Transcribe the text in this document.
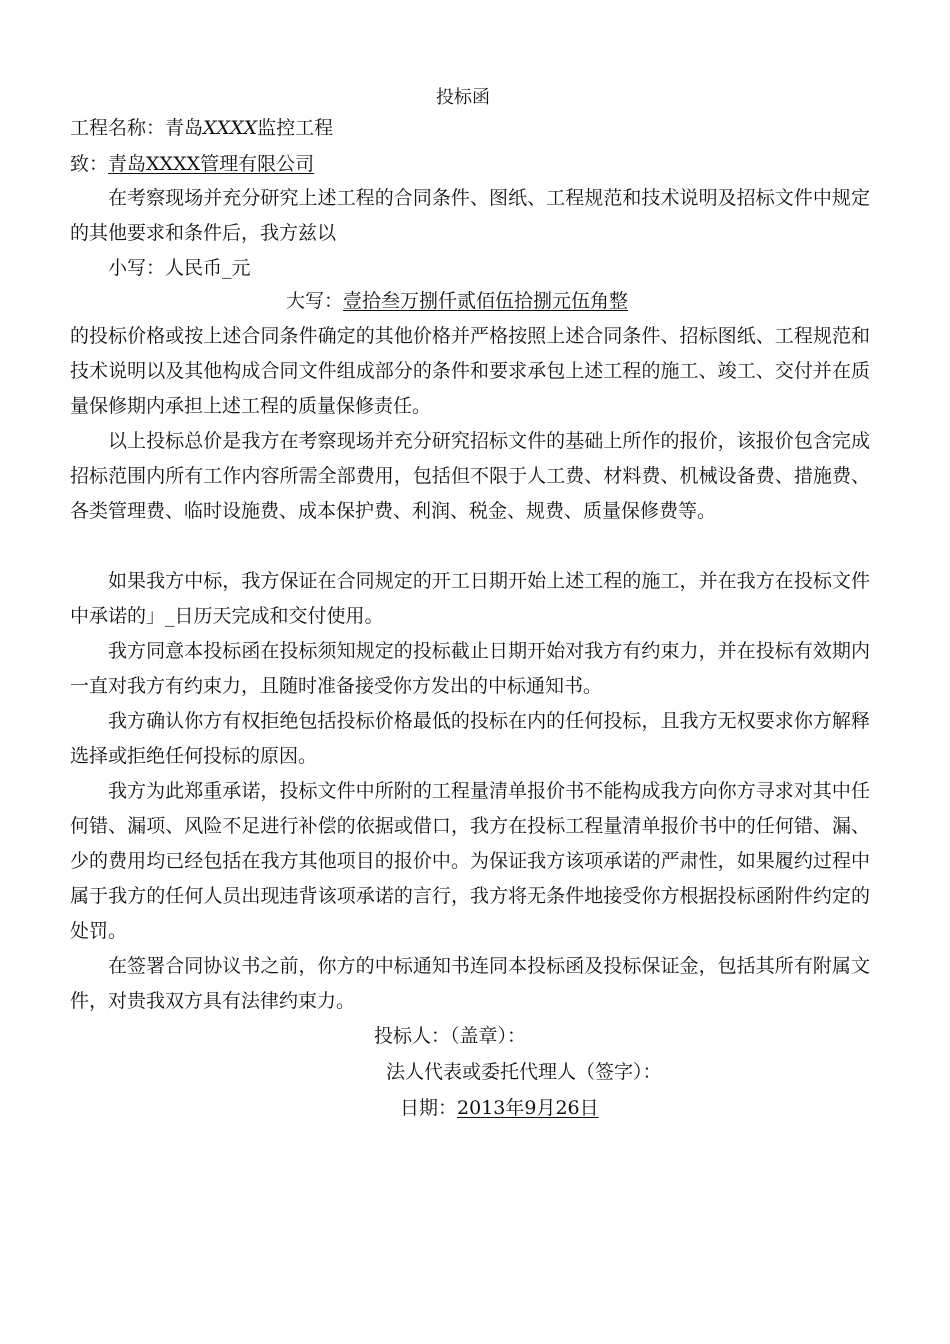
投标函
工程名称：青岛XXXX监控工程
致：青岛XXXX管理有限公司
在考察现场并充分研究上述工程的合同条件、图纸、工程规范和技术说明及招标文件中规定的其他要求和条件后，我方兹以
小写：人民币_元
大写：壹拾叁万捌仟贰佰伍拾捌元伍角整
的投标价格或按上述合同条件确定的其他价格并严格按照上述合同条件、招标图纸、工程规范和技术说明以及其他构成合同文件组成部分的条件和要求承包上述工程的施工、竣工、交付并在质量保修期内承担上述工程的质量保修责任。
以上投标总价是我方在考察现场并充分研究招标文件的基础上所作的报价，该报价包含完成招标范围内所有工作内容所需全部费用，包括但不限于人工费、材料费、机械设备费、措施费、各类管理费、临时设施费、成本保护费、利润、税金、规费、质量保修费等。
如果我方中标，我方保证在合同规定的开工日期开始上述工程的施工，并在我方在投标文件中承诺的」_日历天完成和交付使用。
我方同意本投标函在投标须知规定的投标截止日期开始对我方有约束力，并在投标有效期内一直对我方有约束力，且随时准备接受你方发出的中标通知书。
我方确认你方有权拒绝包括投标价格最低的投标在内的任何投标，且我方无权要求你方解释选择或拒绝任何投标的原因。
我方为此郑重承诺，投标文件中所附的工程量清单报价书不能构成我方向你方寻求对其中任何错、漏项、风险不足进行补偿的依据或借口，我方在投标工程量清单报价书中的任何错、漏、少的费用均已经包括在我方其他项目的报价中。为保证我方该项承诺的严肃性，如果履约过程中属于我方的任何人员出现违背该项承诺的言行，我方将无条件地接受你方根据投标函附件约定的处罚。
在签署合同协议书之前，你方的中标通知书连同本投标函及投标保证金，包括其所有附属文件，对贵我双方具有法律约束力。
投标人：（盖章）：
法人代表或委托代理人（签字）：
日期：2013年9月26日
